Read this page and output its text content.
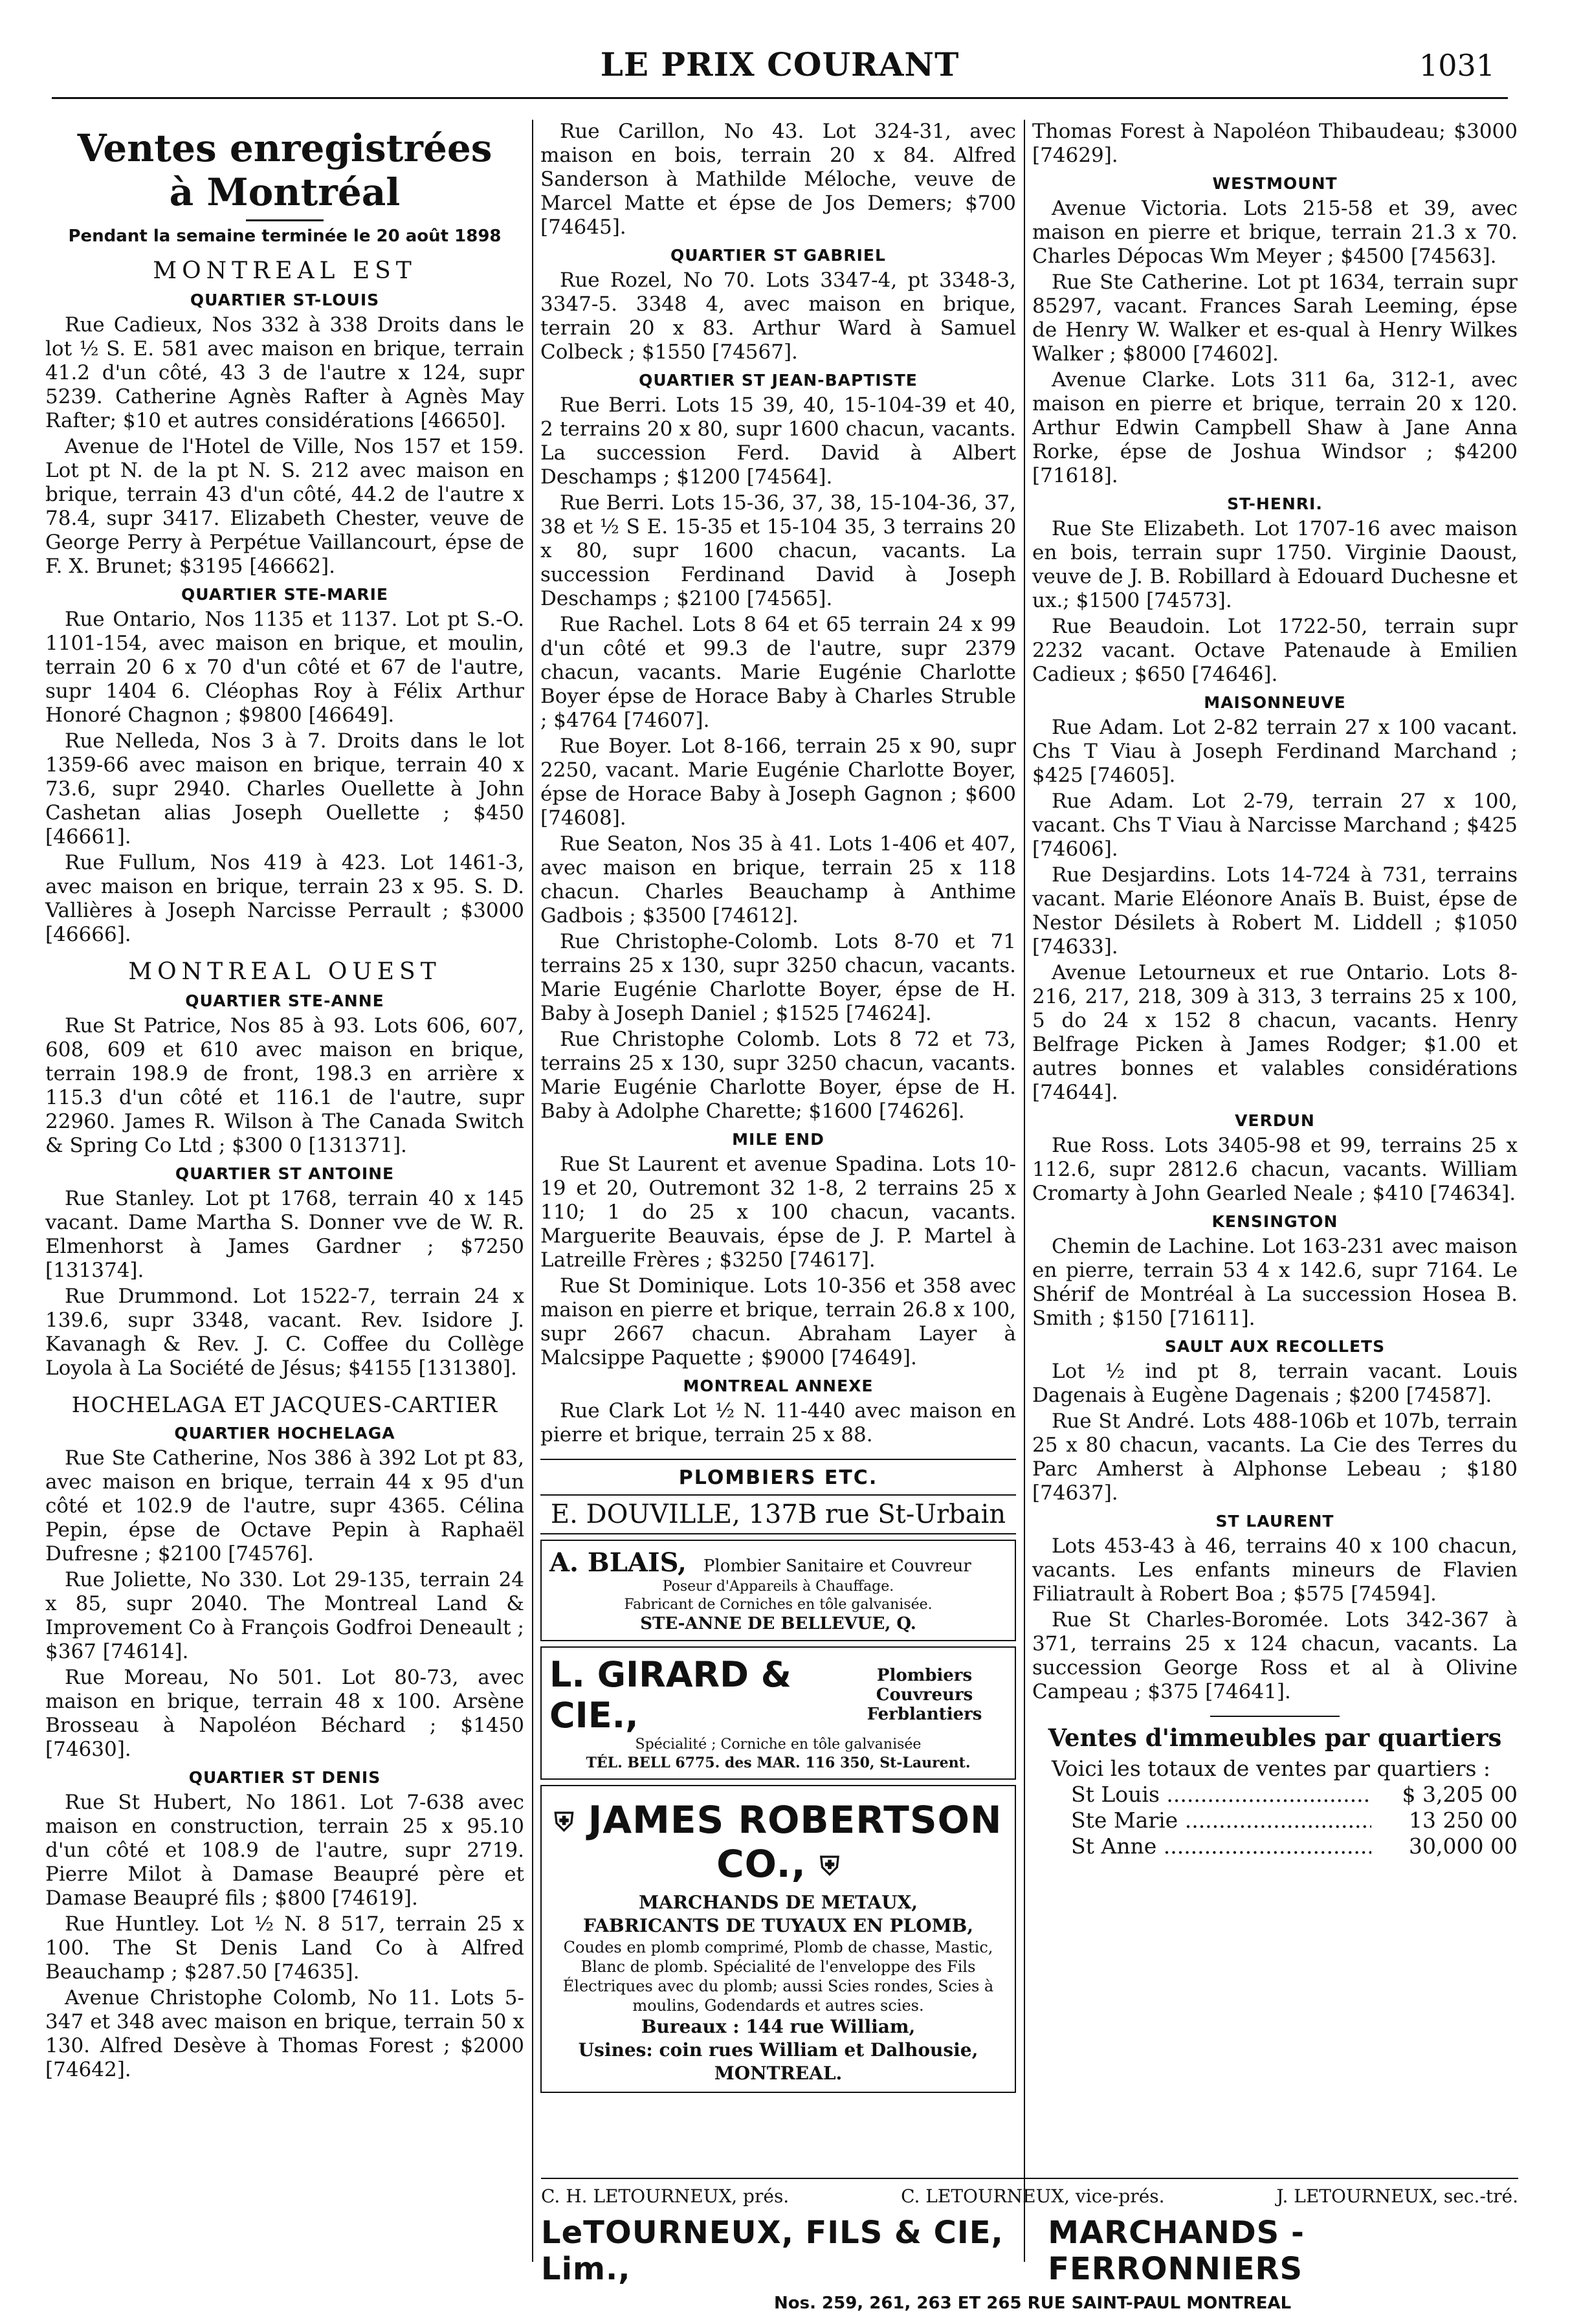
LE PRIX COURANT	1031
Ventes enregistrées
à Montréal
Pendant la semaine terminée le 20 août 1898
MONTREAL EST
QUARTIER ST-LOUIS

Rue Cadieux, Nos 332 à 338 Droits dans le lot ½ S. E. 581 avec maison en brique, terrain 41.2 d'un côté, 43 3 de l'autre x 124, supr 5239. Catherine Agnès Rafter à Agnès May Rafter; $10 et autres considérations [46650].

Avenue de l'Hotel de Ville, Nos 157 et 159. Lot pt N. de la pt N. S. 212 avec maison en brique, terrain 43 d'un côté, 44.2 de l'autre x 78.4, supr 3417. Elizabeth Chester, veuve de George Perry à Perpétue Vaillancourt, épse de F. X. Brunet; $3195 [46662].

QUARTIER STE-MARIE

Rue Ontario, Nos 1135 et 1137. Lot pt S.-O. 1101-154, avec maison en brique, et moulin, terrain 20 6 x 70 d'un côté et 67 de l'autre, supr 1404 6. Cléophas Roy à Félix Arthur Honoré Chagnon ; $9800 [46649].

Rue Nelleda, Nos 3 à 7. Droits dans le lot 1359-66 avec maison en brique, terrain 40 x 73.6, supr 2940. Charles Ouellette à John Cashetan alias Joseph Ouellette ; $450 [46661].

Rue Fullum, Nos 419 à 423. Lot 1461-3, avec maison en brique, terrain 23 x 95. S. D. Vallières à Joseph Narcisse Perrault ; $3000 [46666].

MONTREAL OUEST
QUARTIER STE-ANNE

Rue St Patrice, Nos 85 à 93. Lots 606, 607, 608, 609 et 610 avec maison en brique, terrain 198.9 de front, 198.3 en arrière x 115.3 d'un côté et 116.1 de l'autre, supr 22960. James R. Wilson à The Canada Switch & Spring Co Ltd ; $300 0 [131371].

QUARTIER ST ANTOINE

Rue Stanley. Lot pt 1768, terrain 40 x 145 vacant. Dame Martha S. Donner vve de W. R. Elmenhorst à James Gardner ; $7250 [131374].

Rue Drummond. Lot 1522-7, terrain 24 x 139.6, supr 3348, vacant. Rev. Isidore J. Kavanagh & Rev. J. C. Coffee du Collège Loyola à La Société de Jésus; $4155 [131380].

HOCHELAGA ET JACQUES-CARTIER
QUARTIER HOCHELAGA

Rue Ste Catherine, Nos 386 à 392 Lot pt 83, avec maison en brique, terrain 44 x 95 d'un côté et 102.9 de l'autre, supr 4365. Célina Pepin, épse de Octave Pepin à Raphaël Dufresne ; $2100 [74576].

Rue Joliette, No 330. Lot 29-135, terrain 24 x 85, supr 2040. The Montreal Land & Improvement Co à François Godfroi Deneault ; $367 [74614].

Rue Moreau, No 501. Lot 80-73, avec maison en brique, terrain 48 x 100. Arsène Brosseau à Napoléon Béchard ; $1450 [74630].

QUARTIER ST DENIS

Rue St Hubert, No 1861. Lot 7-638 avec maison en construction, terrain 25 x 95.10 d'un côté et 108.9 de l'autre, supr 2719. Pierre Milot à Damase Beaupré père et Damase Beaupré fils ; $800 [74619].

Rue Huntley. Lot ½ N. 8 517, terrain 25 x 100. The St Denis Land Co à Alfred Beauchamp ; $287.50 [74635].

Avenue Christophe Colomb, No 11. Lots 5-347 et 348 avec maison en brique, terrain 50 x 130. Alfred Desève à Thomas Forest ; $2000 [74642].

Rue Carillon, No 43. Lot 324-31, avec maison en bois, terrain 20 x 84. Alfred Sanderson à Mathilde Méloche, veuve de Marcel Matte et épse de Jos Demers; $700 [74645].

QUARTIER ST GABRIEL

Rue Rozel, No 70. Lots 3347-4, pt 3348-3, 3347-5. 3348 4, avec maison en brique, terrain 20 x 83. Arthur Ward à Samuel Colbeck ; $1550 [74567].

QUARTIER ST JEAN-BAPTISTE

Rue Berri. Lots 15 39, 40, 15-104-39 et 40, 2 terrains 20 x 80, supr 1600 chacun, vacants. La succession Ferd. David à Albert Deschamps ; $1200 [74564].

Rue Berri. Lots 15-36, 37, 38, 15-104-36, 37, 38 et ½ S E. 15-35 et 15-104 35, 3 terrains 20 x 80, supr 1600 chacun, vacants. La succession Ferdinand David à Joseph Deschamps ; $2100 [74565].

Rue Rachel. Lots 8 64 et 65 terrain 24 x 99 d'un côté et 99.3 de l'autre, supr 2379 chacun, vacants. Marie Eugénie Charlotte Boyer épse de Horace Baby à Charles Struble ; $4764 [74607].

Rue Boyer. Lot 8-166, terrain 25 x 90, supr 2250, vacant. Marie Eugénie Charlotte Boyer, épse de Horace Baby à Joseph Gagnon ; $600 [74608].

Rue Seaton, Nos 35 à 41. Lots 1-406 et 407, avec maison en brique, terrain 25 x 118 chacun. Charles Beauchamp à Anthime Gadbois ; $3500 [74612].

Rue Christophe-Colomb. Lots 8-70 et 71 terrains 25 x 130, supr 3250 chacun, vacants. Marie Eugénie Charlotte Boyer, épse de H. Baby à Joseph Daniel ; $1525 [74624].

Rue Christophe Colomb. Lots 8 72 et 73, terrains 25 x 130, supr 3250 chacun, vacants. Marie Eugénie Charlotte Boyer, épse de H. Baby à Adolphe Charette; $1600 [74626].

MILE END

Rue St Laurent et avenue Spadina. Lots 10-19 et 20, Outremont 32 1-8, 2 terrains 25 x 110; 1 do 25 x 100 chacun, vacants. Marguerite Beauvais, épse de J. P. Martel à Latreille Frères ; $3250 [74617].

Rue St Dominique. Lots 10-356 et 358 avec maison en pierre et brique, terrain 26.8 x 100, supr 2667 chacun. Abraham Layer à Malcsippe Paquette ; $9000 [74649].

MONTREAL ANNEXE

Rue Clark Lot ½ N. 11-440 avec maison en pierre et brique, terrain 25 x 88.

PLOMBIERS ETC.
E. DOUVILLE, 137B rue St-Urbain
A. BLAIS, Plombier Sanitaire et Couvreur
Poseur d'Appareils à Chauffage.
Fabricant de Corniches en tôle galvanisée.
STE-ANNE DE BELLEVUE, Q.
L. GIRARD & CIE.,
Plombiers Couvreurs
Ferblantiers
Spécialité ; Corniche en tôle galvanisée
TÉL. BELL 6775. des MAR. 116 350, St-Laurent.
⛨ JAMES ROBERTSON CO., ⛨
MARCHANDS DE METAUX,
FABRICANTS DE TUYAUX EN PLOMB,
Coudes en plomb comprimé, Plomb de chasse, Mastic, Blanc de plomb. Spécialité de l'enveloppe des Fils Électriques avec du plomb; aussi Scies rondes, Scies à moulins, Godendards et autres scies.
Bureaux : 144 rue William,
Usines: coin rues William et Dalhousie, MONTREAL.

Thomas Forest à Napoléon Thibaudeau; $3000 [74629].

WESTMOUNT

Avenue Victoria. Lots 215-58 et 39, avec maison en pierre et brique, terrain 21.3 x 70. Charles Dépocas Wm Meyer ; $4500 [74563].

Rue Ste Catherine. Lot pt 1634, terrain supr 85297, vacant. Frances Sarah Leeming, épse de Henry W. Walker et es-qual à Henry Wilkes Walker ; $8000 [74602].

Avenue Clarke. Lots 311 6a, 312-1, avec maison en pierre et brique, terrain 20 x 120. Arthur Edwin Campbell Shaw à Jane Anna Rorke, épse de Joshua Windsor ; $4200 [71618].

ST-HENRI.

Rue Ste Elizabeth. Lot 1707-16 avec maison en bois, terrain supr 1750. Virginie Daoust, veuve de J. B. Robillard à Edouard Duchesne et ux.; $1500 [74573].

Rue Beaudoin. Lot 1722-50, terrain supr 2232 vacant. Octave Patenaude à Emilien Cadieux ; $650 [74646].

MAISONNEUVE

Rue Adam. Lot 2-82 terrain 27 x 100 vacant. Chs T Viau à Joseph Ferdinand Marchand ; $425 [74605].

Rue Adam. Lot 2-79, terrain 27 x 100, vacant. Chs T Viau à Narcisse Marchand ; $425 [74606].

Rue Desjardins. Lots 14-724 à 731, terrains vacant. Marie Eléonore Anaïs B. Buist, épse de Nestor Désilets à Robert M. Liddell ; $1050 [74633].

Avenue Letourneux et rue Ontario. Lots 8-216, 217, 218, 309 à 313, 3 terrains 25 x 100, 5 do 24 x 152 8 chacun, vacants. Henry Belfrage Picken à James Rodger; $1.00 et autres bonnes et valables considérations [74644].

VERDUN

Rue Ross. Lots 3405-98 et 99, terrains 25 x 112.6, supr 2812.6 chacun, vacants. William Cromarty à John Gearled Neale ; $410 [74634].

KENSINGTON

Chemin de Lachine. Lot 163-231 avec maison en pierre, terrain 53 4 x 142.6, supr 7164. Le Shérif de Montréal à La succession Hosea B. Smith ; $150 [71611].

SAULT AUX RECOLLETS

Lot ½ ind pt 8, terrain vacant. Louis Dagenais à Eugène Dagenais ; $200 [74587].

Rue St André. Lots 488-106b et 107b, terrain 25 x 80 chacun, vacants. La Cie des Terres du Parc Amherst à Alphonse Lebeau ; $180 [74637].

ST LAURENT

Lots 453-43 à 46, terrains 40 x 100 chacun, vacants. Les enfants mineurs de Flavien Filiatrault à Robert Boa ; $575 [74594].

Rue St Charles-Boromée. Lots 342-367 à 371, terrains 25 x 124 chacun, vacants. La succession George Ross et al à Olivine Campeau ; $375 [74641].

Ventes d'immeubles par quartiers
Voici les totaux de ventes par quartiers :
St Louis .....	$ 3,205 00
Ste Marie .....	13 250 00
St Anne .....	30,000 00
C. H. LETOURNEUX, prés.	C. LETOURNEUX, vice-prés.	J. LETOURNEUX, sec.-tré.
LeTOURNEUX, FILS & CIE, Lim.,
MARCHANDS - FERRONNIERS
Nos. 259, 261, 263 ET 265 RUE SAINT-PAUL MONTREAL
